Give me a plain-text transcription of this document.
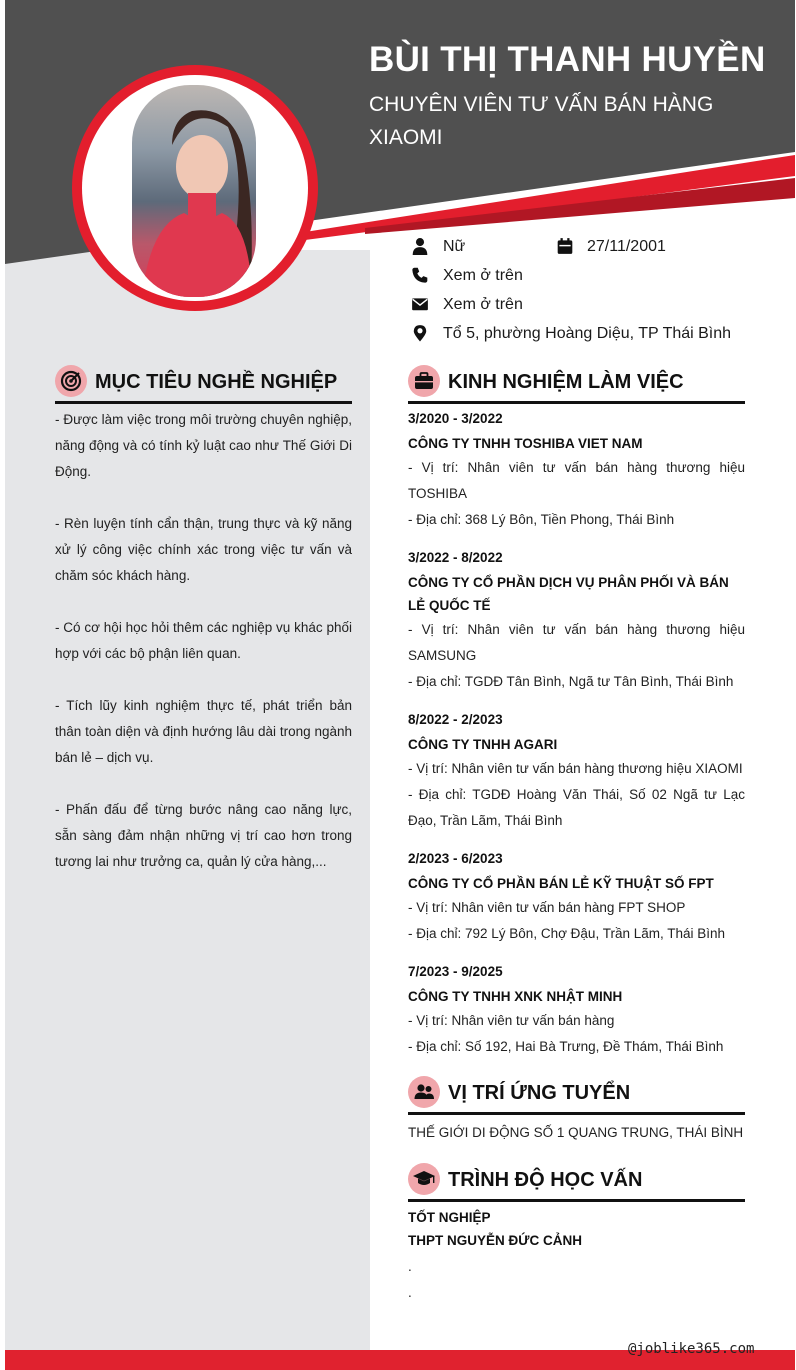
BÙI THỊ THANH HUYỀN
CHUYÊN VIÊN TƯ VẤN BÁN HÀNG XIAOMI
Nữ	27/11/2001
Xem ở trên
Xem ở trên
Tổ 5, phường Hoàng Diệu, TP Thái Bình
MỤC TIÊU NGHỀ NGHIỆP

- Được làm việc trong môi trường chuyên nghiệp, năng động và có tính kỷ luật cao như Thế Giới Di Động.

- Rèn luyện tính cẩn thận, trung thực và kỹ năng xử lý công việc chính xác trong việc tư vấn và chăm sóc khách hàng.

- Có cơ hội học hỏi thêm các nghiệp vụ khác phối hợp với các bộ phận liên quan.

- Tích lũy kinh nghiệm thực tế, phát triển bản thân toàn diện và định hướng lâu dài trong ngành bán lẻ – dịch vụ.

- Phấn đấu để từng bước nâng cao năng lực, sẵn sàng đảm nhận những vị trí cao hơn trong tương lai như trưởng ca, quản lý cửa hàng,...

KINH NGHIỆM LÀM VIỆC
3/2020 - 3/2022
CÔNG TY TNHH TOSHIBA VIET NAM
- Vị trí: Nhân viên tư vấn bán hàng thương hiệu TOSHIBA
- Địa chỉ: 368 Lý Bôn, Tiền Phong, Thái Bình
3/2022 - 8/2022
CÔNG TY CỔ PHẦN DỊCH VỤ PHÂN PHỐI VÀ BÁN LẺ QUỐC TẾ
- Vị trí: Nhân viên tư vấn bán hàng thương hiệu SAMSUNG
- Địa chỉ: TGDĐ Tân Bình, Ngã tư Tân Bình, Thái Bình
8/2022 - 2/2023
CÔNG TY TNHH AGARI
- Vị trí: Nhân viên tư vấn bán hàng thương hiệu XIAOMI
- Địa chỉ: TGDĐ Hoàng Văn Thái, Số 02 Ngã tư Lạc Đạo, Trần Lãm, Thái Bình
2/2023 - 6/2023
CÔNG TY CỔ PHẦN BÁN LẺ KỸ THUẬT SỐ FPT
- Vị trí: Nhân viên tư vấn bán hàng FPT SHOP
- Địa chỉ: 792 Lý Bôn, Chợ Đậu, Trần Lãm, Thái Bình
7/2023 - 9/2025
CÔNG TY TNHH XNK NHẬT MINH
- Vị trí: Nhân viên tư vấn bán hàng
- Địa chỉ: Số 192, Hai Bà Trưng, Đề Thám, Thái Bình
VỊ TRÍ ỨNG TUYỂN
THẾ GIỚI DI ĐỘNG SỐ 1 QUANG TRUNG, THÁI BÌNH
TRÌNH ĐỘ HỌC VẤN
TỐT NGHIỆP
THPT NGUYỄN ĐỨC CẢNH
.
.
@joblike365.com
